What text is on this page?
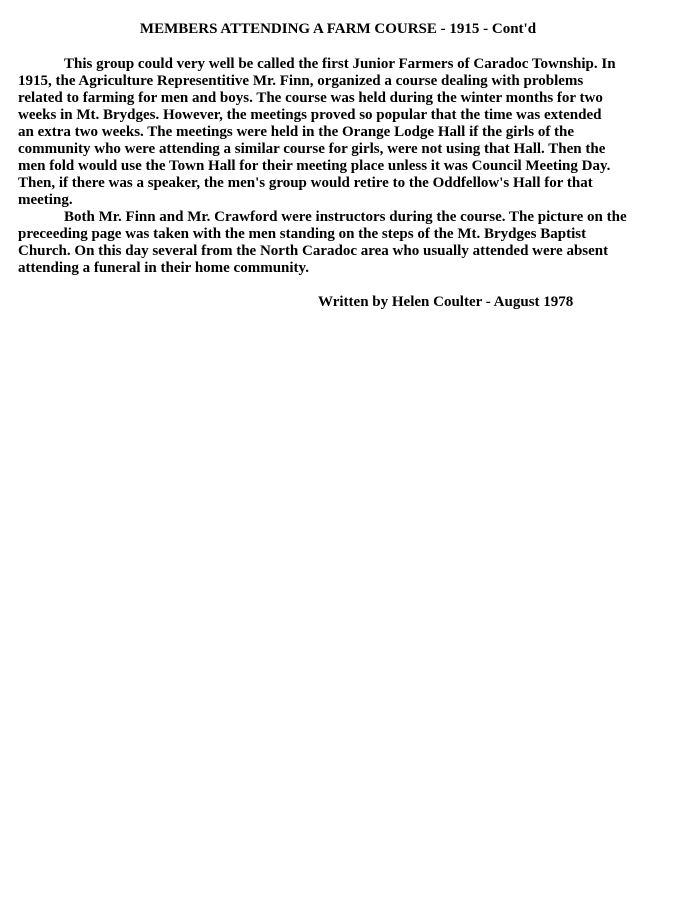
MEMBERS ATTENDING A FARM COURSE - 1915 - Cont'd
This group could very well be called the first Junior Farmers of Caradoc Township. In
1915, the Agriculture Representitive Mr. Finn, organized a course dealing with problems
related to farming for men and boys. The course was held during the winter months for two
weeks in Mt. Brydges. However, the meetings proved so popular that the time was extended
an extra two weeks. The meetings were held in the Orange Lodge Hall if the girls of the
community who were attending a similar course for girls, were not using that Hall. Then the
men fold would use the Town Hall for their meeting place unless it was Council Meeting Day.
Then, if there was a speaker, the men's group would retire to the Oddfellow's Hall for that
meeting.
Both Mr. Finn and Mr. Crawford were instructors during the course. The picture on the
preceeding page was taken with the men standing on the steps of the Mt. Brydges Baptist
Church. On this day several from the North Caradoc area who usually attended were absent
attending a funeral in their home community.
Written by Helen Coulter - August 1978
